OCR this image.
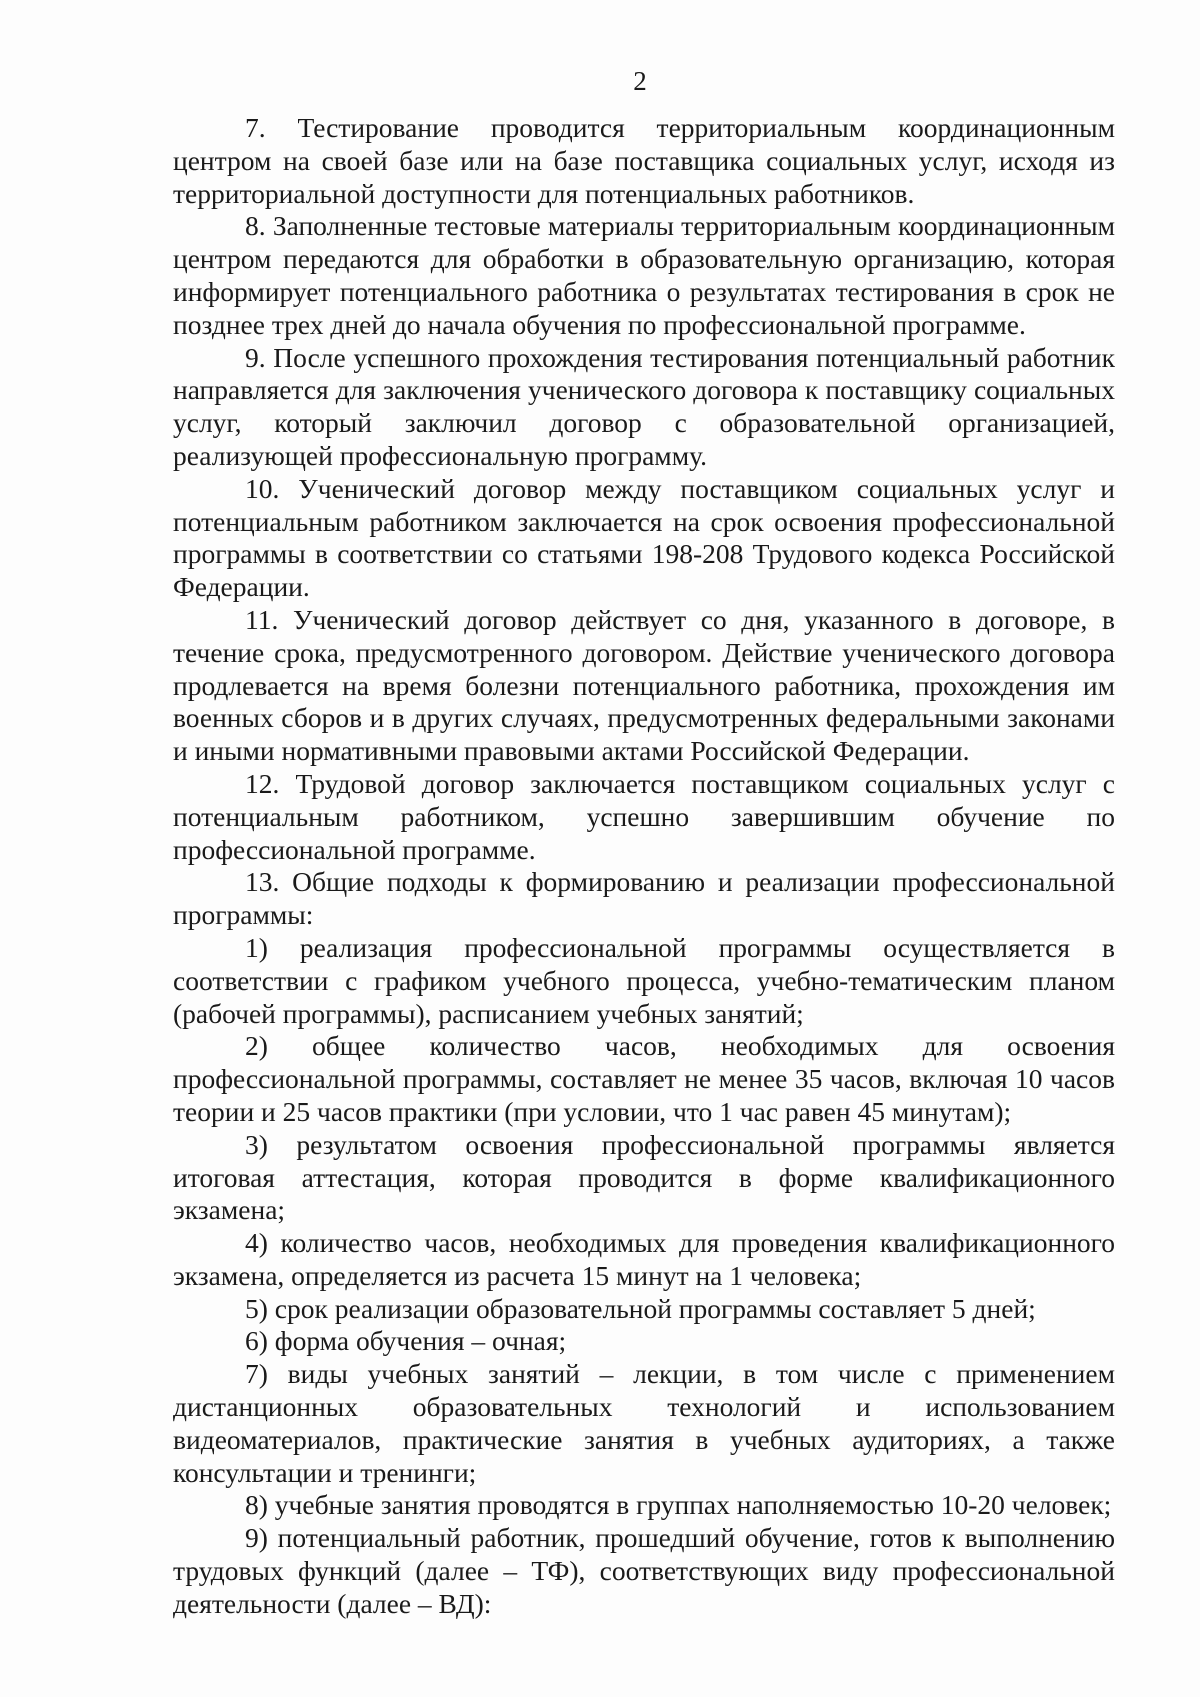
2

7. Тестирование проводится территориальным координационным центром на своей базе или на базе поставщика социальных услуг, исходя из территориальной доступности для потенциальных работников.

8. Заполненные тестовые материалы территориальным координационным центром передаются для обработки в образовательную организацию, которая информирует потенциального работника о результатах тестирования в срок не позднее трех дней до начала обучения по профессиональной программе.

9. После успешного прохождения тестирования потенциальный работник направляется для заключения ученического договора к поставщику социальных услуг, который заключил договор с образовательной организацией, реализующей профессиональную программу.

10. Ученический договор между поставщиком социальных услуг и потенциальным работником заключается на срок освоения профессиональной программы в соответствии со статьями 198-208 Трудового кодекса Российской Федерации.

11. Ученический договор действует со дня, указанного в договоре, в течение срока, предусмотренного договором. Действие ученического договора продлевается на время болезни потенциального работника, прохождения им военных сборов и в других случаях, предусмотренных федеральными законами и иными нормативными правовыми актами Российской Федерации.

12. Трудовой договор заключается поставщиком социальных услуг с потенциальным работником, успешно завершившим обучение по профессиональной программе.

13. Общие подходы к формированию и реализации профессиональной программы:

1) реализация профессиональной программы осуществляется в соответствии с графиком учебного процесса, учебно-тематическим планом (рабочей программы), расписанием учебных занятий;

2) общее количество часов, необходимых для освоения профессиональной программы, составляет не менее 35 часов, включая 10 часов теории и 25 часов практики (при условии, что 1 час равен 45 минутам);

3) результатом освоения профессиональной программы является итоговая аттестация, которая проводится в форме квалификационного экзамена;

4) количество часов, необходимых для проведения квалификационного экзамена, определяется из расчета 15 минут на 1 человека;

5) срок реализации образовательной программы составляет 5 дней;

6) форма обучения – очная;

7) виды учебных занятий – лекции, в том числе с применением дистанционных образовательных технологий и использованием видеоматериалов, практические занятия в учебных аудиториях, а также консультации и тренинги;

8) учебные занятия проводятся в группах наполняемостью 10-20 человек;

9) потенциальный работник, прошедший обучение, готов к выполнению трудовых функций (далее – ТФ), соответствующих виду профессиональной деятельности (далее – ВД):
